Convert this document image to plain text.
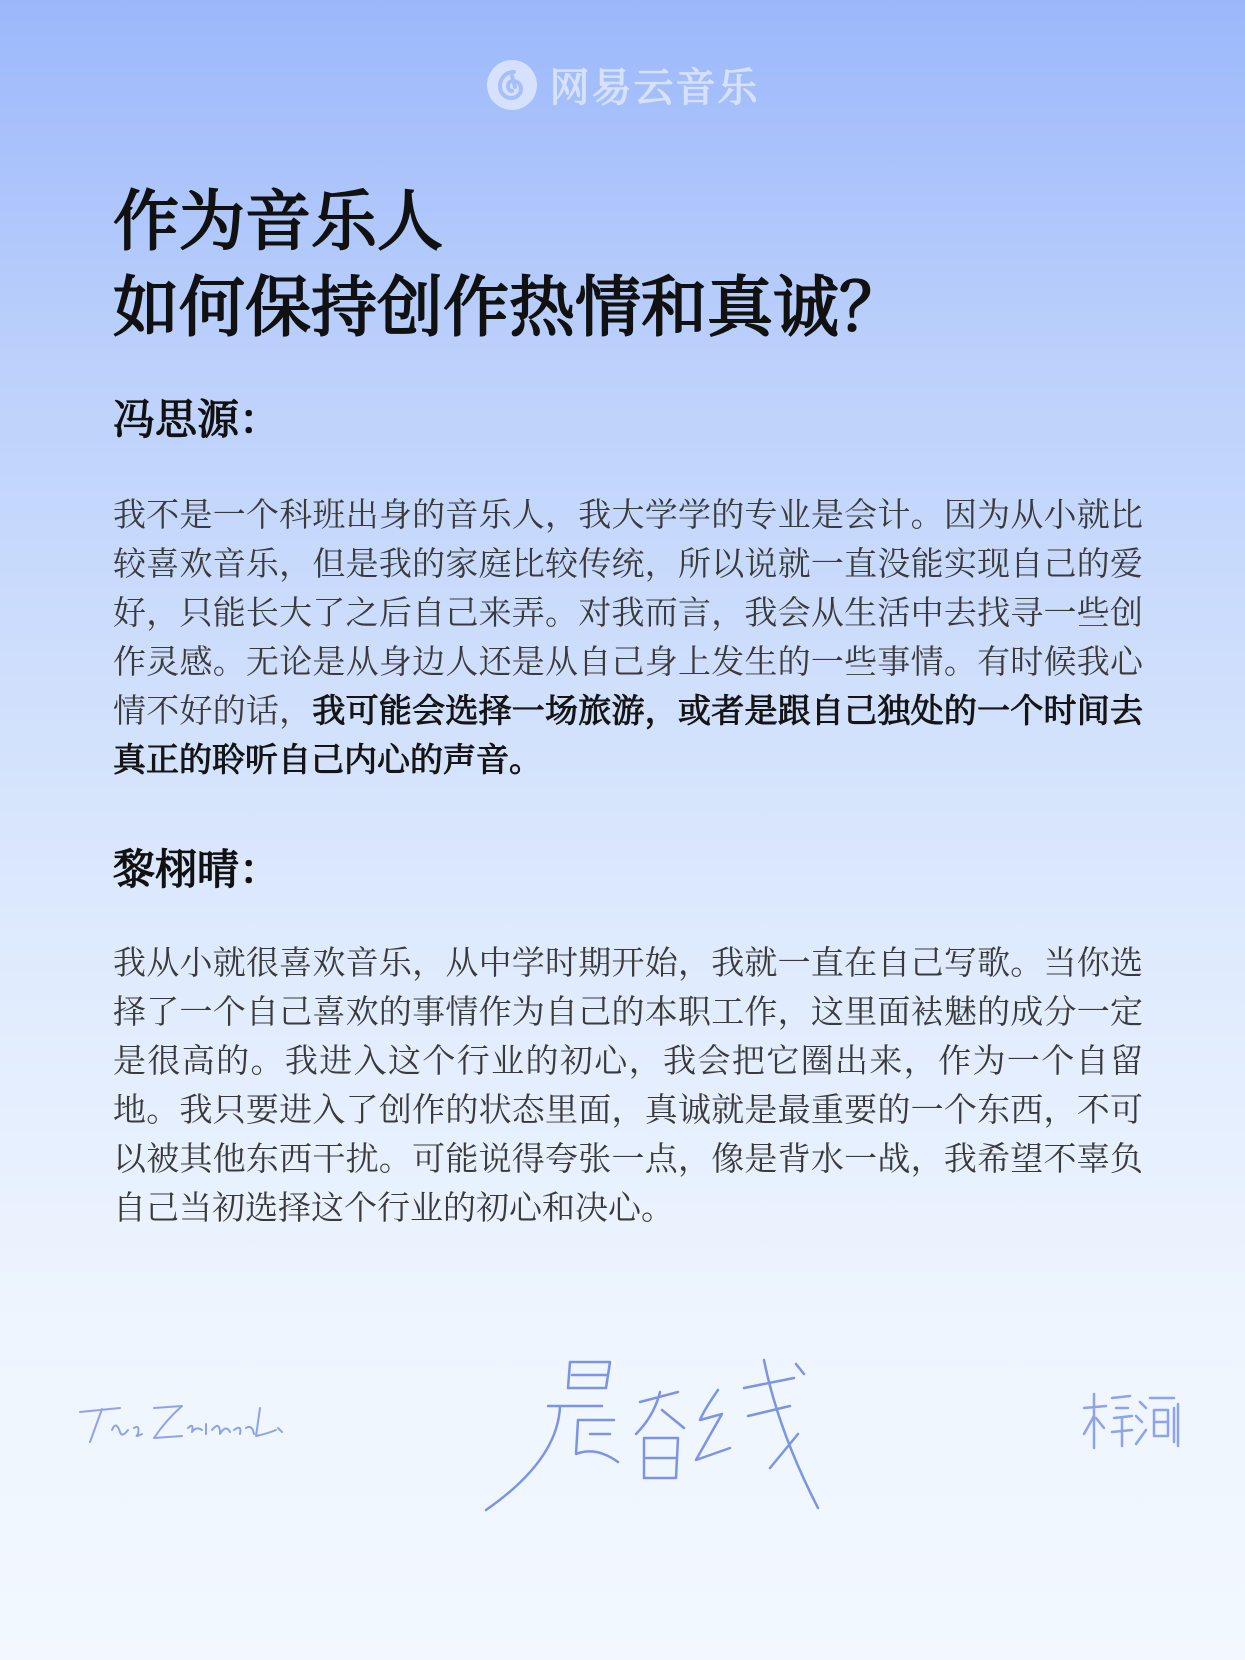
网易云音乐
作为音乐人
如何保持创作热情和真诚？
冯思源：

我不是一个科班出身的音乐人，我大学学的专业是会计。因为从小就比较喜欢音乐，但是我的家庭比较传统，所以说就一直没能实现自己的爱好，只能长大了之后自己来弄。对我而言，我会从生活中去找寻一些创作灵感。无论是从身边人还是从自己身上发生的一些事情。有时候我心情不好的话，我可能会选择一场旅游，或者是跟自己独处的一个时间去真正的聆听自己内心的声音。

黎栩晴：

我从小就很喜欢音乐，从中学时期开始，我就一直在自己写歌。当你选择了一个自己喜欢的事情作为自己的本职工作，这里面袪魅的成分一定是很高的。我进入这个行业的初心，我会把它圈出来，作为一个自留地。我只要进入了创作的状态里面，真诚就是最重要的一个东西，不可以被其他东西干扰。可能说得夸张一点，像是背水一战，我希望不辜负自己当初选择这个行业的初心和决心。
